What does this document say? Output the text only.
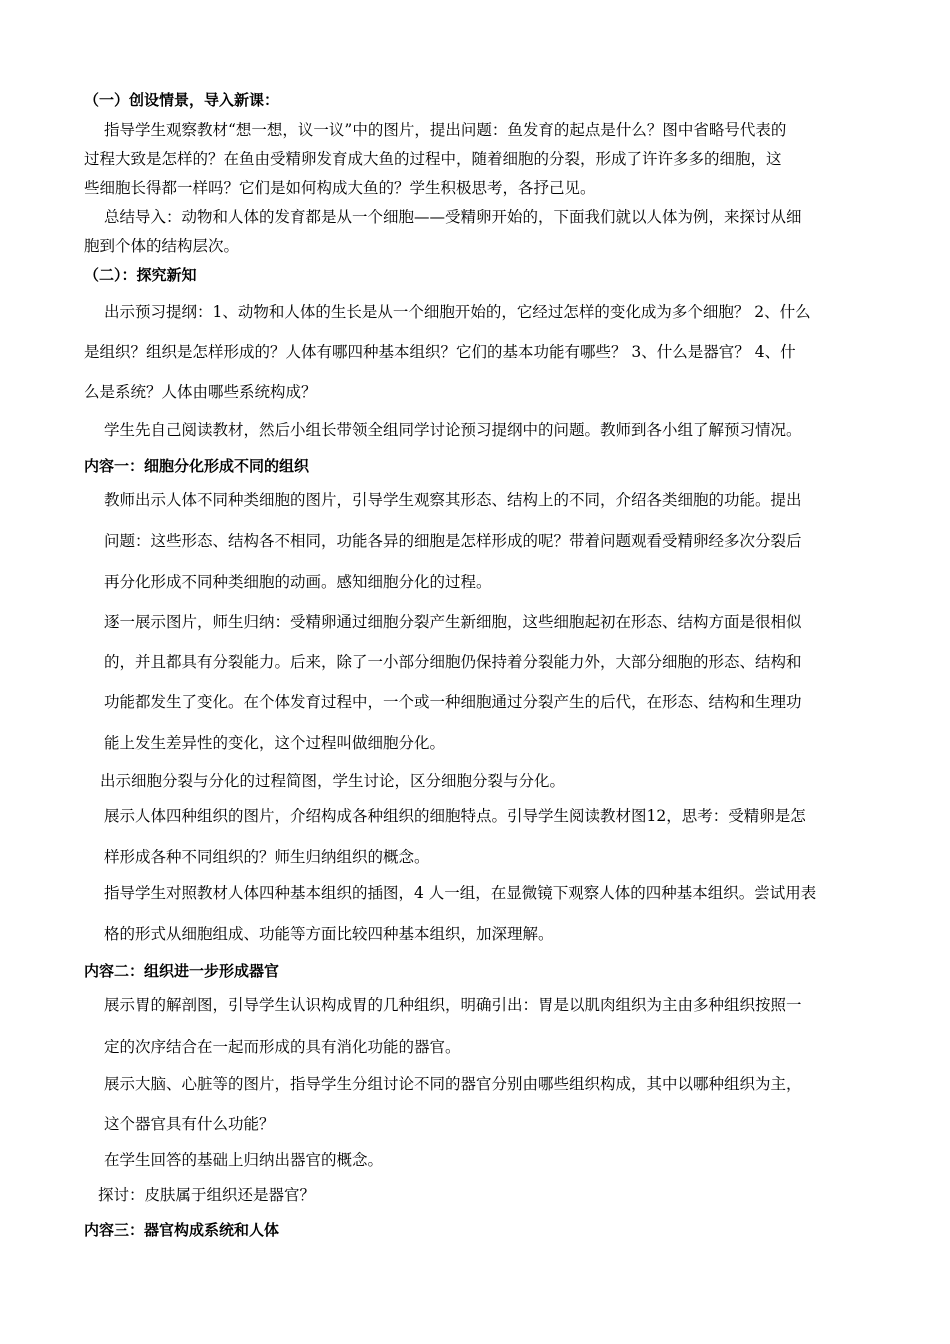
（一）创设情景，导入新课：
指导学生观察教材“想一想，议一议”中的图片，提出问题：鱼发育的起点是什么？图中省略号代表的
过程大致是怎样的？在鱼由受精卵发育成大鱼的过程中，随着细胞的分裂，形成了许许多多的细胞，这
些细胞长得都一样吗？它们是如何构成大鱼的？学生积极思考，各抒己见。
总结导入：动物和人体的发育都是从一个细胞——受精卵开始的，下面我们就以人体为例，来探讨从细
胞到个体的结构层次。
（二）：探究新知
出示预习提纲：1、动物和人体的生长是从一个细胞开始的，它经过怎样的变化成为多个细胞？ 2、什么
是组织？组织是怎样形成的？人体有哪四种基本组织？它们的基本功能有哪些？ 3、什么是器官？ 4、什
么是系统？人体由哪些系统构成？
学生先自己阅读教材，然后小组长带领全组同学讨论预习提纲中的问题。教师到各小组了解预习情况。
内容一：细胞分化形成不同的组织
教师出示人体不同种类细胞的图片，引导学生观察其形态、结构上的不同，介绍各类细胞的功能。提出
问题：这些形态、结构各不相同，功能各异的细胞是怎样形成的呢？带着问题观看受精卵经多次分裂后
再分化形成不同种类细胞的动画。感知细胞分化的过程。
逐一展示图片，师生归纳：受精卵通过细胞分裂产生新细胞，这些细胞起初在形态、结构方面是很相似
的，并且都具有分裂能力。后来，除了一小部分细胞仍保持着分裂能力外，大部分细胞的形态、结构和
功能都发生了变化。在个体发育过程中，一个或一种细胞通过分裂产生的后代，在形态、结构和生理功
能上发生差异性的变化，这个过程叫做细胞分化。
出示细胞分裂与分化的过程简图，学生讨论，区分细胞分裂与分化。
展示人体四种组织的图片，介绍构成各种组织的细胞特点。引导学生阅读教材图12，思考：受精卵是怎
样形成各种不同组织的？师生归纳组织的概念。
指导学生对照教材人体四种基本组织的插图，4 人一组，在显微镜下观察人体的四种基本组织。尝试用表
格的形式从细胞组成、功能等方面比较四种基本组织，加深理解。
内容二：组织进一步形成器官
展示胃的解剖图，引导学生认识构成胃的几种组织，明确引出：胃是以肌肉组织为主由多种组织按照一
定的次序结合在一起而形成的具有消化功能的器官。
展示大脑、心脏等的图片，指导学生分组讨论不同的器官分别由哪些组织构成，其中以哪种组织为主，
这个器官具有什么功能？
在学生回答的基础上归纳出器官的概念。
探讨：皮肤属于组织还是器官？
内容三：器官构成系统和人体
